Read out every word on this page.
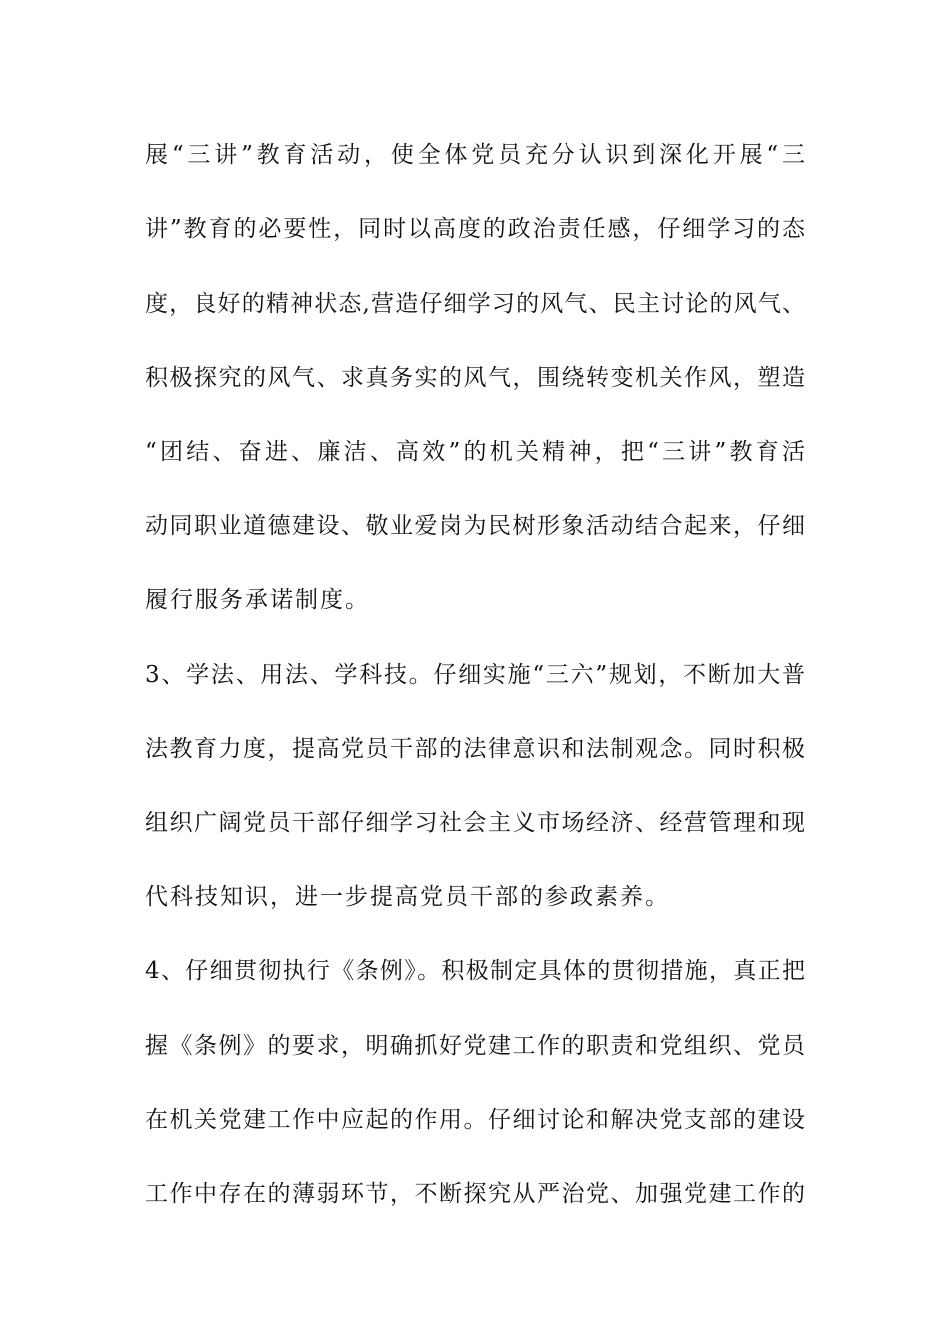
展“三讲”教育活动，使全体党员充分认识到深化开展“三
讲”教育的必要性，同时以高度的政治责任感，仔细学习的态
度，良好的精神状态,营造仔细学习的风气、民主讨论的风气、
积极探究的风气、求真务实的风气，围绕转变机关作风，塑造
“团结、奋进、廉洁、高效”的机关精神，把“三讲”教育活
动同职业道德建设、敬业爱岗为民树形象活动结合起来，仔细
履行服务承诺制度。
3、学法、用法、学科技。仔细实施“三六”规划，不断加大普
法教育力度，提高党员干部的法律意识和法制观念。同时积极
组织广阔党员干部仔细学习社会主义市场经济、经营管理和现
代科技知识，进一步提高党员干部的参政素养。
4、仔细贯彻执行《条例》。积极制定具体的贯彻措施，真正把
握《条例》的要求，明确抓好党建工作的职责和党组织、党员
在机关党建工作中应起的作用。仔细讨论和解决党支部的建设
工作中存在的薄弱环节，不断探究从严治党、加强党建工作的
